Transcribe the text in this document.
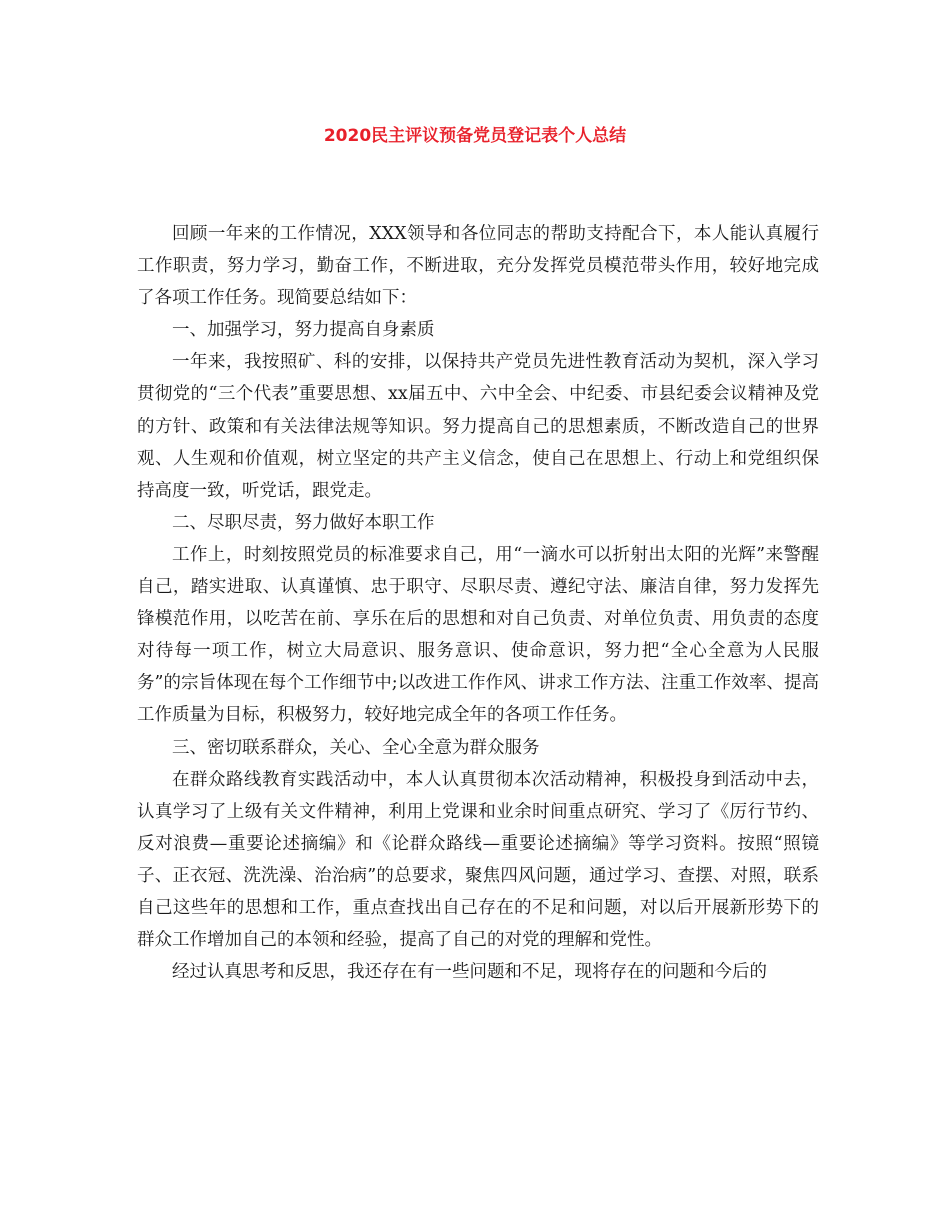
2020民主评议预备党员登记表个人总结

回顾一年来的工作情况，XXX领导和各位同志的帮助支持配合下，本人能认真履行工作职责，努力学习，勤奋工作，不断进取，充分发挥党员模范带头作用，较好地完成了各项工作任务。现简要总结如下：

一、加强学习，努力提高自身素质

一年来，我按照矿、科的安排，以保持共产党员先进性教育活动为契机，深入学习贯彻党的“三个代表”重要思想、xx届五中、六中全会、中纪委、市县纪委会议精神及党的方针、政策和有关法律法规等知识。努力提高自己的思想素质，不断改造自己的世界观、人生观和价值观，树立坚定的共产主义信念，使自己在思想上、行动上和党组织保持高度一致，听党话，跟党走。

二、尽职尽责，努力做好本职工作

工作上，时刻按照党员的标准要求自己，用“一滴水可以折射出太阳的光辉”来警醒自己，踏实进取、认真谨慎、忠于职守、尽职尽责、遵纪守法、廉洁自律，努力发挥先锋模范作用，以吃苦在前、享乐在后的思想和对自己负责、对单位负责、用负责的态度对待每一项工作，树立大局意识、服务意识、使命意识，努力把“全心全意为人民服务”的宗旨体现在每个工作细节中;以改进工作作风、讲求工作方法、注重工作效率、提高工作质量为目标，积极努力，较好地完成全年的各项工作任务。

三、密切联系群众，关心、全心全意为群众服务

在群众路线教育实践活动中，本人认真贯彻本次活动精神，积极投身到活动中去，认真学习了上级有关文件精神，利用上党课和业余时间重点研究、学习了《厉行节约、反对浪费—重要论述摘编》和《论群众路线—重要论述摘编》等学习资料。按照“照镜子、正衣冠、洗洗澡、治治病”的总要求，聚焦四风问题，通过学习、查摆、对照，联系自己这些年的思想和工作，重点查找出自己存在的不足和问题，对以后开展新形势下的群众工作增加自己的本领和经验，提高了自己的对党的理解和党性。

经过认真思考和反思，我还存在有一些问题和不足，现将存在的问题和今后的
